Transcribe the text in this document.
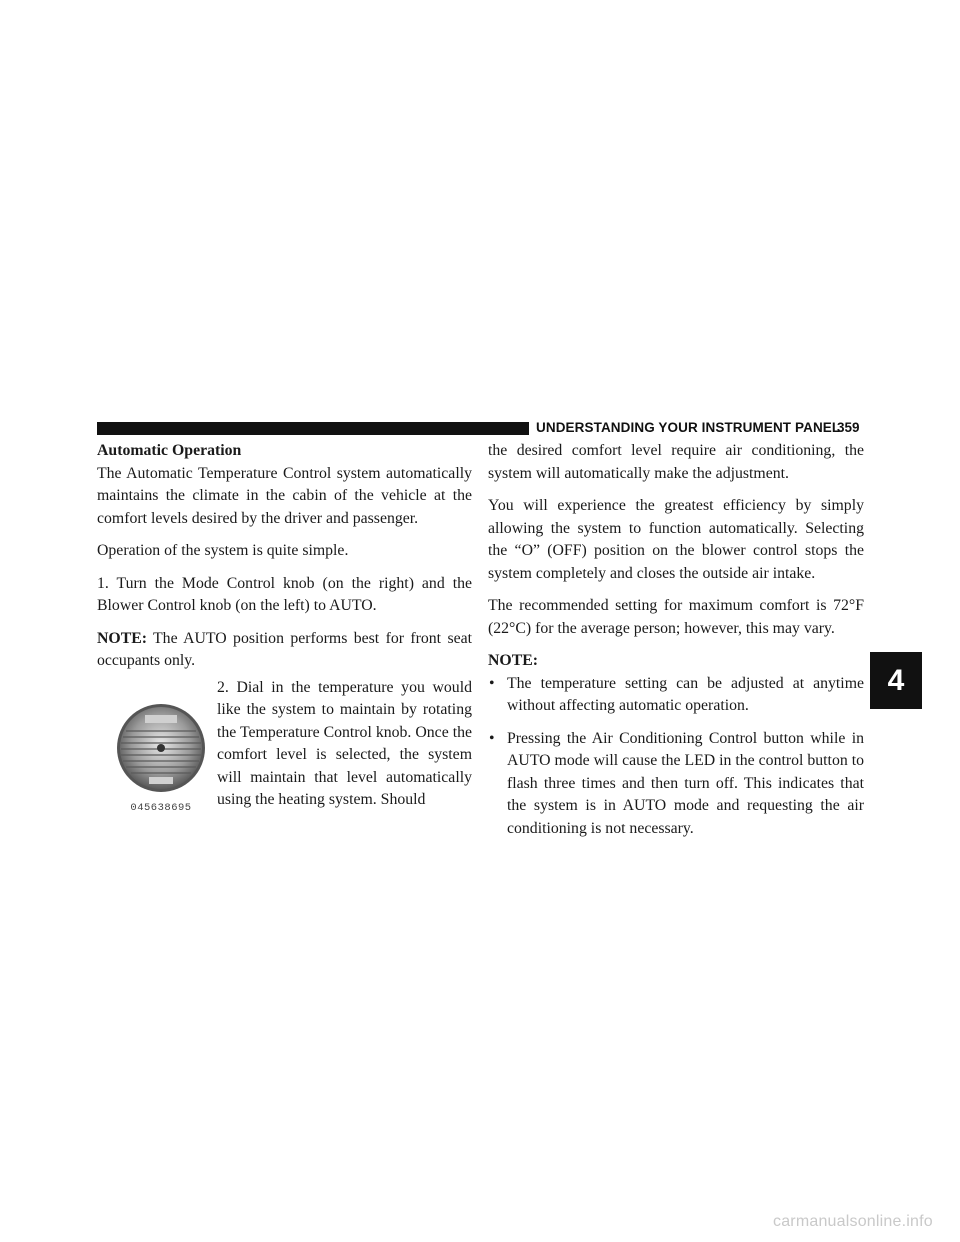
UNDERSTANDING YOUR INSTRUMENT PANEL
359

Automatic Operation

The Automatic Temperature Control system automatically maintains the climate in the cabin of the vehicle at the comfort levels desired by the driver and passenger.

Operation of the system is quite simple.

1. Turn the Mode Control knob (on the right) and the Blower Control knob (on the left) to AUTO.

NOTE: The AUTO position performs best for front seat occupants only.

045638695

2. Dial in the temperature you would like the system to maintain by rotating the Temperature Control knob. Once the comfort level is selected, the system will maintain that level automatically using the heating system. Should

the desired comfort level require air conditioning, the system will automatically make the adjustment.

You will experience the greatest efficiency by simply allowing the system to function automatically. Selecting the “O” (OFF) position on the blower control stops the system completely and closes the outside air intake.

The recommended setting for maximum comfort is 72°F (22°C) for the average person; however, this may vary.

NOTE:

• The temperature setting can be adjusted at anytime without affecting automatic operation.
• Pressing the Air Conditioning Control button while in AUTO mode will cause the LED in the control button to flash three times and then turn off. This indicates that the system is in AUTO mode and requesting the air conditioning is not necessary.
4
carmanualsonline.info
